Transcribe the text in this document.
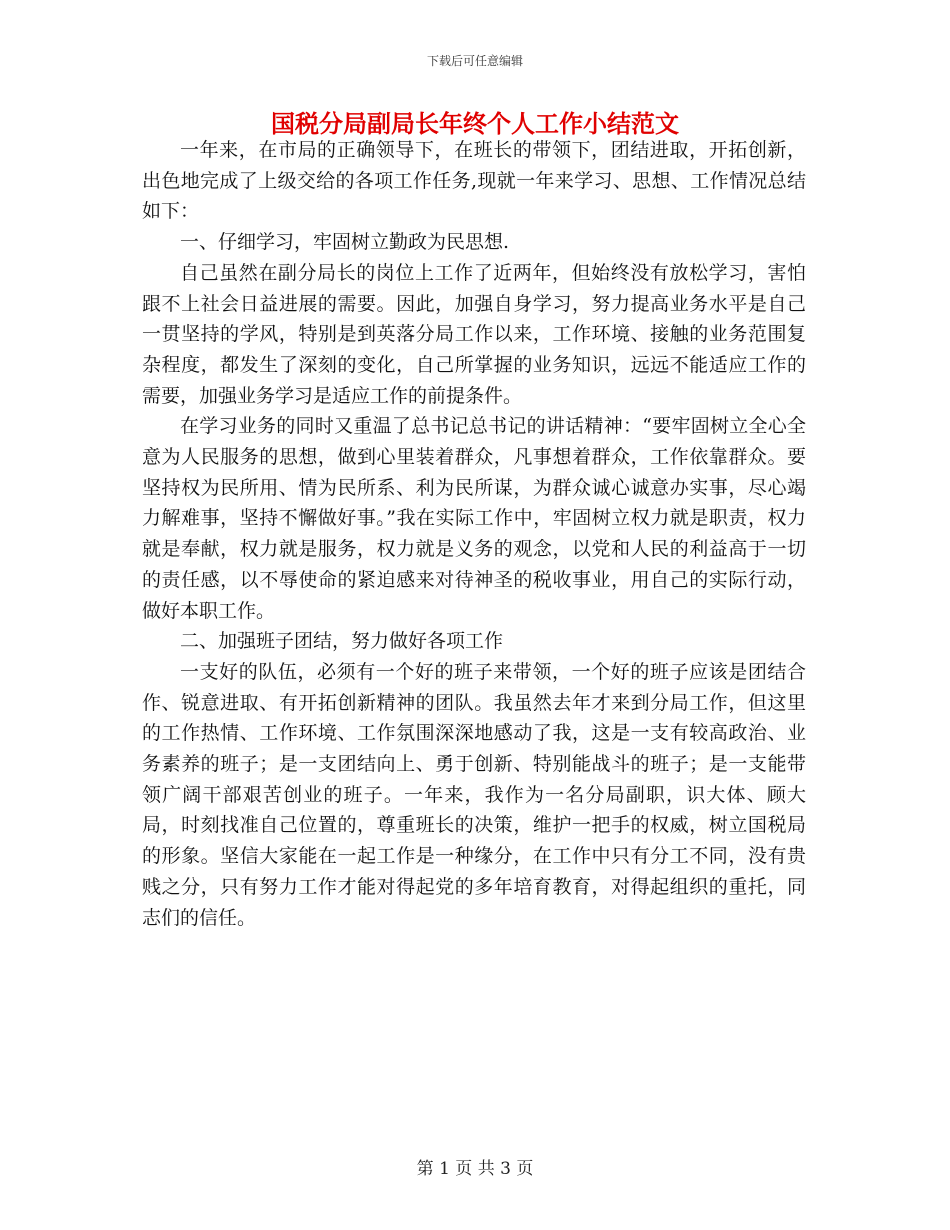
下载后可任意编辑
国税分局副局长年终个人工作小结范文

一年来，在市局的正确领导下，在班长的带领下，团结进取，开拓创新，出色地完成了上级交给的各项工作任务,现就一年来学习、思想、工作情况总结如下：

一、仔细学习，牢固树立勤政为民思想.

自己虽然在副分局长的岗位上工作了近两年，但始终没有放松学习，害怕跟不上社会日益进展的需要。因此，加强自身学习，努力提高业务水平是自己一贯坚持的学风，特别是到英落分局工作以来，工作环境、接触的业务范围复杂程度，都发生了深刻的变化，自己所掌握的业务知识，远远不能适应工作的需要，加强业务学习是适应工作的前提条件。

在学习业务的同时又重温了总书记总书记的讲话精神：“要牢固树立全心全意为人民服务的思想，做到心里装着群众，凡事想着群众，工作依靠群众。要坚持权为民所用、情为民所系、利为民所谋，为群众诚心诚意办实事，尽心竭力解难事，坚持不懈做好事。”我在实际工作中，牢固树立权力就是职责，权力就是奉献，权力就是服务，权力就是义务的观念，以党和人民的利益高于一切的责任感，以不辱使命的紧迫感来对待神圣的税收事业，用自己的实际行动，做好本职工作。

二、加强班子团结，努力做好各项工作

一支好的队伍，必须有一个好的班子来带领，一个好的班子应该是团结合作、锐意进取、有开拓创新精神的团队。我虽然去年才来到分局工作，但这里的工作热情、工作环境、工作氛围深深地感动了我，这是一支有较高政治、业务素养的班子；是一支团结向上、勇于创新、特别能战斗的班子；是一支能带领广阔干部艰苦创业的班子。一年来，我作为一名分局副职，识大体、顾大局，时刻找准自己位置的，尊重班长的决策，维护一把手的权威，树立国税局的形象。坚信大家能在一起工作是一种缘分，在工作中只有分工不同，没有贵贱之分，只有努力工作才能对得起党的多年培育教育，对得起组织的重托，同志们的信任。

第 1 页 共 3 页
